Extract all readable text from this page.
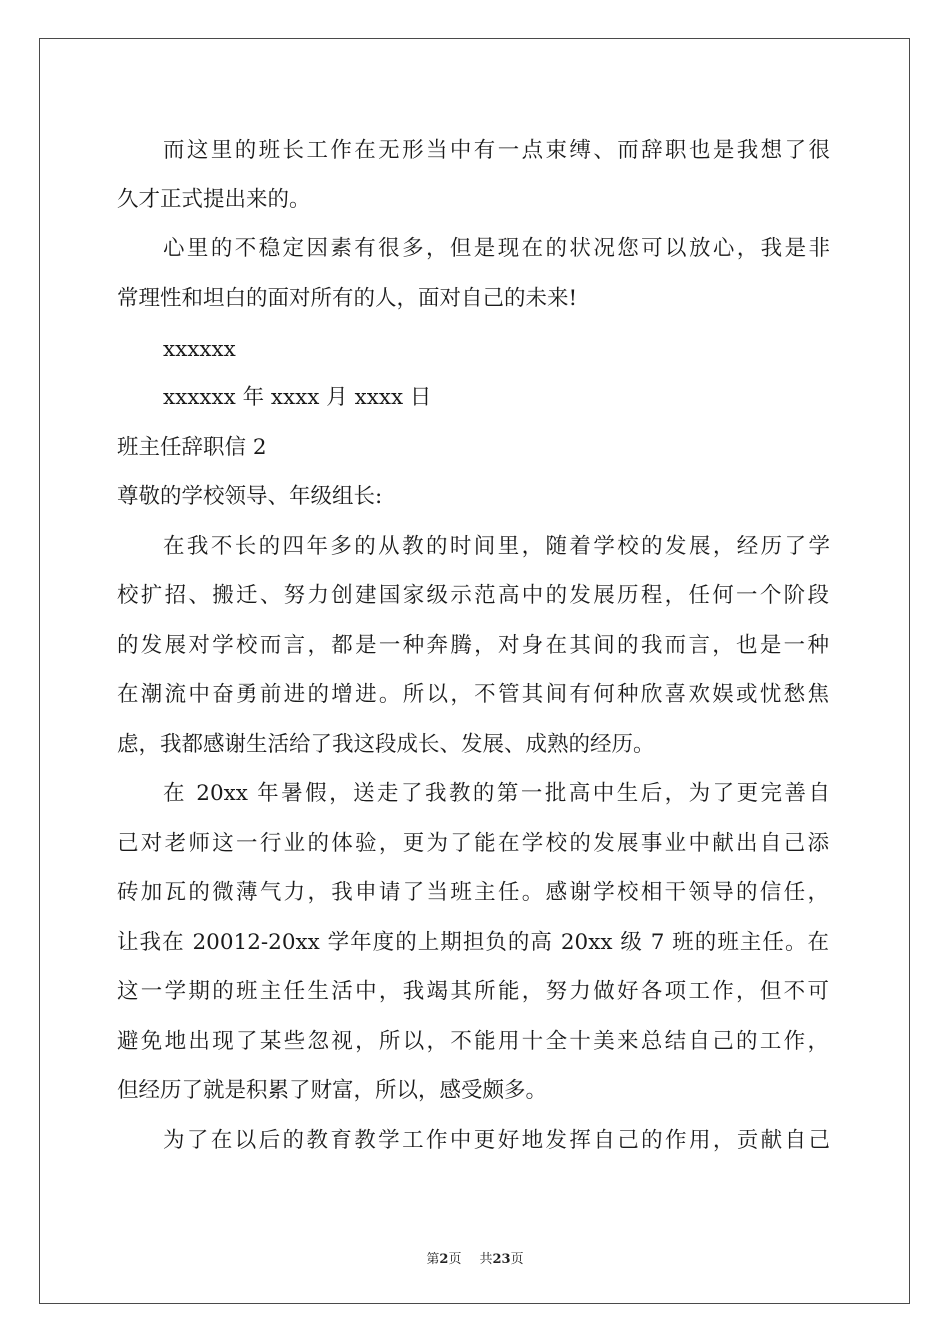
而这里的班长工作在无形当中有一点束缚、而辞职也是我想了很
久才正式提出来的。
心里的不稳定因素有很多，但是现在的状况您可以放心，我是非
常理性和坦白的面对所有的人，面对自己的未来!
xxxxxx
xxxxxx 年 xxxx 月 xxxx 日
班主任辞职信 2
尊敬的学校领导、年级组长:
在我不长的四年多的从教的时间里，随着学校的发展，经历了学
校扩招、搬迁、努力创建国家级示范高中的发展历程，任何一个阶段
的发展对学校而言，都是一种奔腾，对身在其间的我而言，也是一种
在潮流中奋勇前进的增进。所以，不管其间有何种欣喜欢娱或忧愁焦
虑，我都感谢生活给了我这段成长、发展、成熟的经历。
在 20xx 年暑假，送走了我教的第一批高中生后，为了更完善自
己对老师这一行业的体验，更为了能在学校的发展事业中献出自己添
砖加瓦的微薄气力，我申请了当班主任。感谢学校相干领导的信任，
让我在 20012-20xx 学年度的上期担负的高 20xx 级 7 班的班主任。在
这一学期的班主任生活中，我竭其所能，努力做好各项工作，但不可
避免地出现了某些忽视，所以，不能用十全十美来总结自己的工作，
但经历了就是积累了财富，所以，感受颇多。
为了在以后的教育教学工作中更好地发挥自己的作用，贡献自己
第2页 共23页
